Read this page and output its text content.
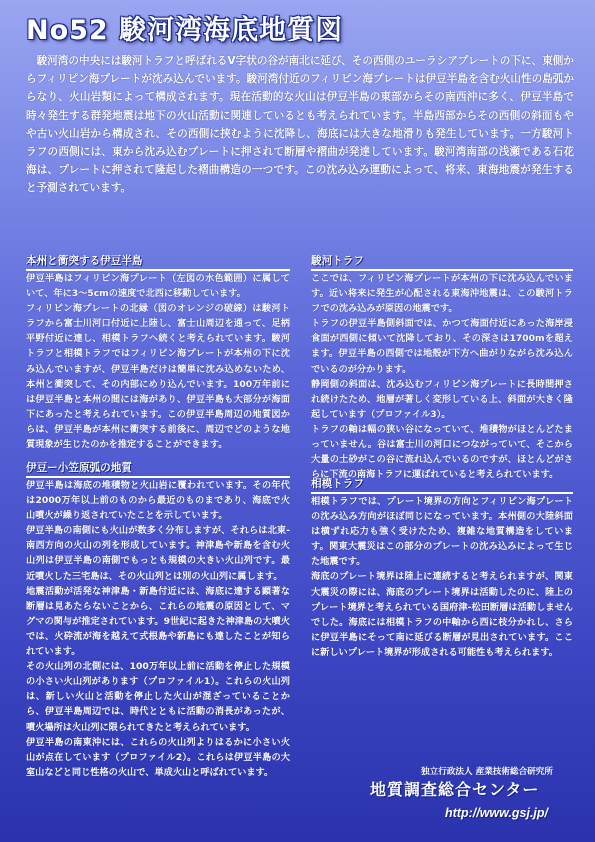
No52 駿河湾海底地質図
駿河湾の中央には駿河トラフと呼ばれるV字状の谷が南北に延び、その西側のユーラシアプレートの下に、東側からフィリピン海プレートが沈み込んでいます。駿河湾付近のフィリピン海プレートは伊豆半島を含む火山性の島弧からなり、火山岩類によって構成されます。現在活動的な火山は伊豆半島の東部からその南西沖に多く、伊豆半島で時々発生する群発地震は地下の火山活動に関連しているとも考えられています。半島西部からその西側の斜面もやや古い火山岩から構成され、その西側に挟むように沈降し、海底には大きな地滑りも発生しています。一方駿河トラフの西側には、東から沈み込むプレートに押されて断層や褶曲が発達しています。駿河湾南部の浅瀬である石花海は、プレートに押されて隆起した褶曲構造の一つです。この沈み込み運動によって、将来、東海地震が発生すると予測されています。
本州と衝突する伊豆半島

伊豆半島はフィリピン海プレート（左図の水色範囲）に属していて、年に3～5cmの速度で北西に移動しています。

フィリピン海プレートの北縁（図のオレンジの破線）は駿河トラフから富士川河口付近に上陸し、富士山周辺を通って、足柄平野付近に達し、相模トラフへ続くと考えられています。駿河トラフと相模トラフではフィリピン海プレートが本州の下に沈み込んでいますが、伊豆半島だけは簡単に沈み込めないため、本州と衝突して、その内部にめり込んでいます。100万年前には伊豆半島と本州の間には海があり、伊豆半島も大部分が海面下にあったと考えられています。この伊豆半島周辺の地質図からは、伊豆半島が本州に衝突する前後に、周辺でどのような地質現象が生じたのかを推定することができます。

伊豆ー小笠原弧の地質

伊豆半島は海底の堆積物と火山岩に覆われています。その年代は2000万年以上前のものから最近のものまであり、海底で火山噴火が繰り返されていたことを示しています。

伊豆半島の南側にも火山が数多く分布しますが、それらは北東-南西方向の火山の列を形成しています。神津島や新島を含む火山列は伊豆半島の南側でもっとも規模の大きい火山列です。最近噴火した三宅島は、その火山列とは別の火山列に属します。

地震活動が活発な神津島・新島付近には、海底に達する顕著な断層は見あたらないことから、これらの地震の原因として、マグマの関与が推定されています。9世紀に起きた神津島の大噴火では、火砕流が海を越えて式根島や新島にも達したことが知られています。

その火山列の北側には、100万年以上前に活動を停止した規模の小さい火山列があります（プロファイル1）。これらの火山列は、新しい火山と活動を停止した火山が混ざっていることから、伊豆半島周辺では、時代とともに活動の消長があったが、噴火場所は火山列に限られてきたと考えられています。

伊豆半島の南東沖には、これらの火山列よりはるかに小さい火山が点在しています（プロファイル2）。これらは伊豆半島の大室山などと同じ性格の火山で、単成火山と呼ばれています。

駿河トラフ

ここでは、フィリピン海プレートが本州の下に沈み込んでいます。近い将来に発生が心配される東海沖地震は、この駿河トラフでの沈み込みが原因の地震です。

トラフの伊豆半島側斜面では、かつて海面付近にあった海岸浸食面が西側に傾いて沈降しており、その深さは1700mを超えます。伊豆半島の西側では地殻が下方へ曲がりながら沈み込んでいるのが分かります。

静岡側の斜面は、沈み込むフィリピン海プレートに長時間押され続けたため、地層が著しく変形している上、斜面が大きく隆起しています（プロファイル3）。

トラフの軸は幅の狭い谷になっていて、堆積物がほとんどたまっていません。谷は富士川の河口につながっていて、そこから大量の土砂がこの谷に流れ込んでいるのですが、ほとんどがさらに下流の南海トラフに運ばれていると考えられています。

相模トラフ

相模トラフでは、プレート境界の方向とフィリピン海プレートの沈み込み方向がほぼ同じになっています。本州側の大陸斜面は横ずれ応力も強く受けたため、複雑な地質構造をしています。関東大震災はこの部分のプレートの沈み込みによって生じた地震です。

海底のプレート境界は陸上に連続すると考えられますが、関東大震災の際には、海底のプレート境界は活動したのに、陸上のプレート境界と考えられている国府津-松田断層は活動しませんでした。海底には相模トラフの中軸から西に枝分かれし、さらに伊豆半島にそって南に延びる断層が見出されています。ここに新しいプレート境界が形成される可能性も考えられます。

独立行政法人 産業技術総合研究所
地質調査総合センター
http://www.gsj.jp/
